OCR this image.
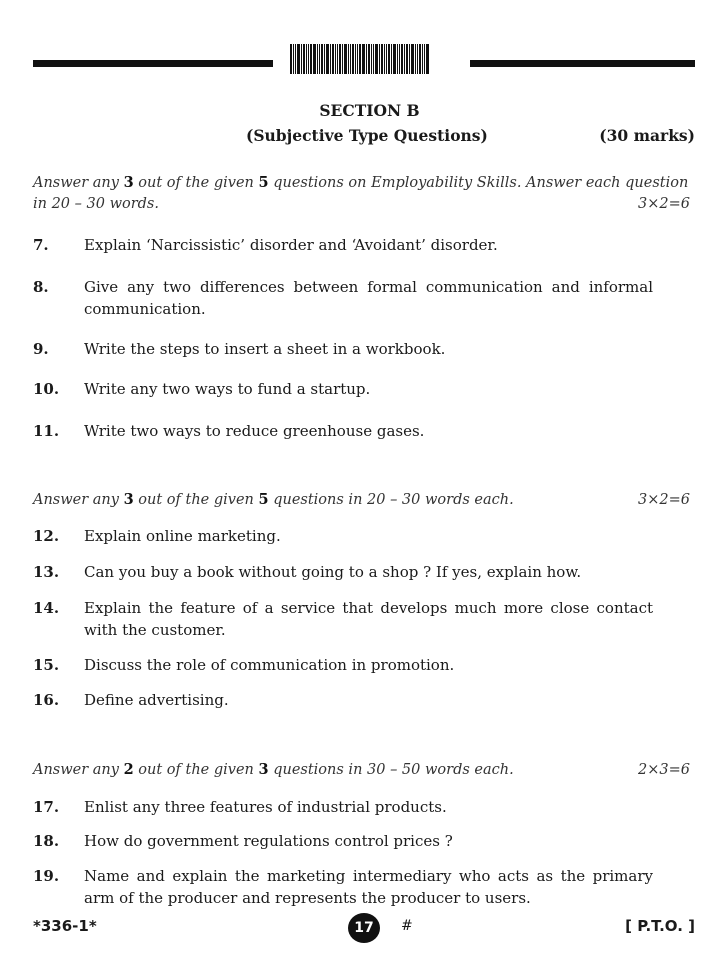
SECTION B
(Subjective Type Questions)	(30 marks)
Answer any 3 out of the given 5 questions on Employability Skills. Answer each question in 20 – 30 words.	3×2=6
7. Explain ‘Narcissistic’ disorder and ‘Avoidant’ disorder.
8. Give any two differences between formal communication and informal communication.
9. Write the steps to insert a sheet in a workbook.
10. Write any two ways to fund a startup.
11. Write two ways to reduce greenhouse gases.
Answer any 3 out of the given 5 questions in 20 – 30 words each.	3×2=6
12. Explain online marketing.
13. Can you buy a book without going to a shop ? If yes, explain how.
14. Explain the feature of a service that develops much more close contact with the customer.
15. Discuss the role of communication in promotion.
16. Define advertising.
Answer any 2 out of the given 3 questions in 30 – 50 words each.	2×3=6
17. Enlist any three features of industrial products.
18. How do government regulations control prices ?
19. Name and explain the marketing intermediary who acts as the primary arm of the producer and represents the producer to users.
*336-1*	17 #	[ P.T.O. ]
